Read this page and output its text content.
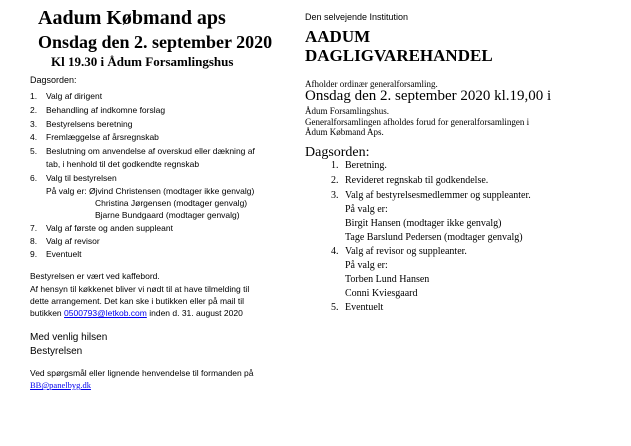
Aadum Købmand aps
Onsdag den 2. september 2020
Kl 19.30 i Ådum Forsamlingshus
Dagsorden:
1. Valg af dirigent
2. Behandling af indkomne forslag
3. Bestyrelsens beretning
4. Fremlæggelse af årsregnskab
5. Beslutning om anvendelse af overskud eller dækning af
tab, i henhold til det godkendte regnskab
6. Valg til bestyrelsen
På valg er: Øjvind Christensen (modtager ikke genvalg)
Christina Jørgensen (modtager genvalg)
Bjarne Bundgaard (modtager genvalg)
7. Valg af første og anden suppleant
8. Valg af revisor
9. Eventuelt
Bestyrelsen er vært ved kaffebord.
Af hensyn til køkkenet bliver vi nødt til at have tilmelding til
dette arrangement. Det kan ske i butikken eller på mail til
butikken 0500793@letkob.com inden d. 31. august 2020
Med venlig hilsen
Bestyrelsen
Ved spørgsmål eller lignende henvendelse til formanden på
BB@panelbyg.dk
Den selvejende Institution
AADUM
DAGLIGVAREHANDEL
Afholder ordinær generalforsamling.
Onsdag den 2. september 2020 kl.19,00 i
Ådum Forsamlingshus.
Generalforsamlingen afholdes forud for generalforsamlingen i
Ådum Købmand Aps.
Dagsorden:
1. Beretning.
2. Revideret regnskab til godkendelse.
3. Valg af bestyrelsesmedlemmer og suppleanter.
På valg er:
Birgit Hansen (modtager ikke genvalg)
Tage Barslund Pedersen (modtager genvalg)
4. Valg af revisor og suppleanter.
På valg er:
Torben Lund Hansen
Conni Kviesgaard
5. Eventuelt
